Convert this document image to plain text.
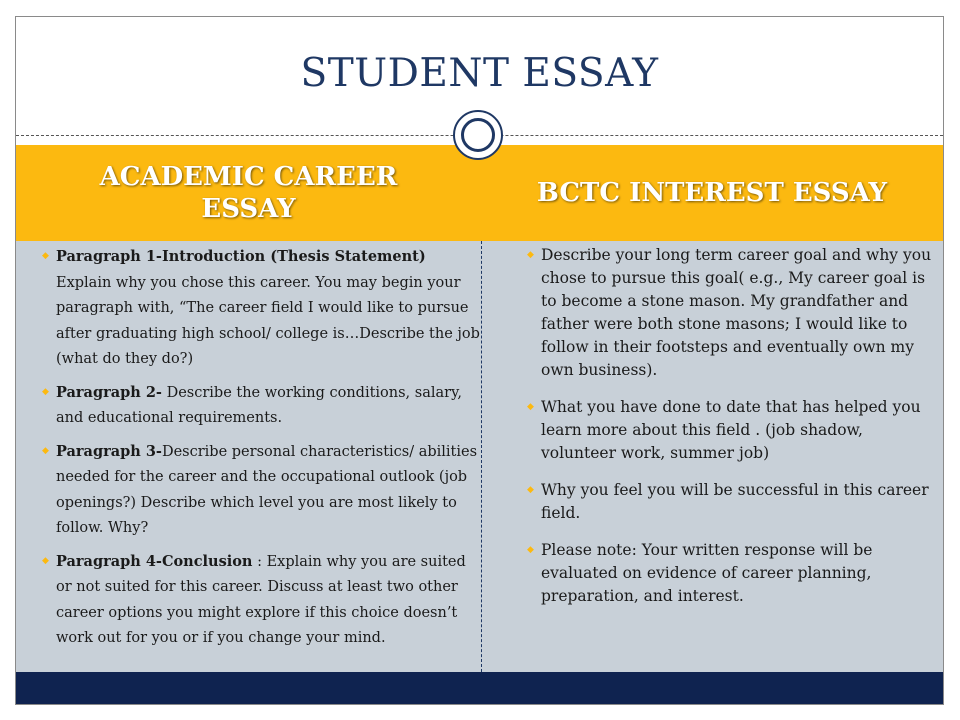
STUDENT ESSAY
ACADEMIC CAREER
ESSAY
BCTC INTEREST ESSAY
◆ Paragraph 1-Introduction (Thesis Statement) Explain why you chose this career. You may begin your paragraph with, “The career field I would like to pursue after graduating high school/ college is…Describe the job (what do they do?)
◆ Paragraph 2- Describe the working conditions, salary, and educational requirements.
◆ Paragraph 3-Describe personal characteristics/ abilities needed for the career and the occupational outlook (job openings?) Describe which level you are most likely to follow. Why?
◆ Paragraph 4-Conclusion : Explain why you are suited or not suited for this career. Discuss at least two other career options you might explore if this choice doesn’t work out for you or if you change your mind.
◆ Describe your long term career goal and why you chose to pursue this goal( e.g., My career goal is to become a stone mason. My grandfather and father were both stone masons; I would like to follow in their footsteps and eventually own my own business).
◆ What you have done to date that has helped you learn more about this field . (job shadow, volunteer work, summer job)
◆ Why you feel you will be successful in this career field.
◆ Please note: Your written response will be evaluated on evidence of career planning, preparation, and interest.
